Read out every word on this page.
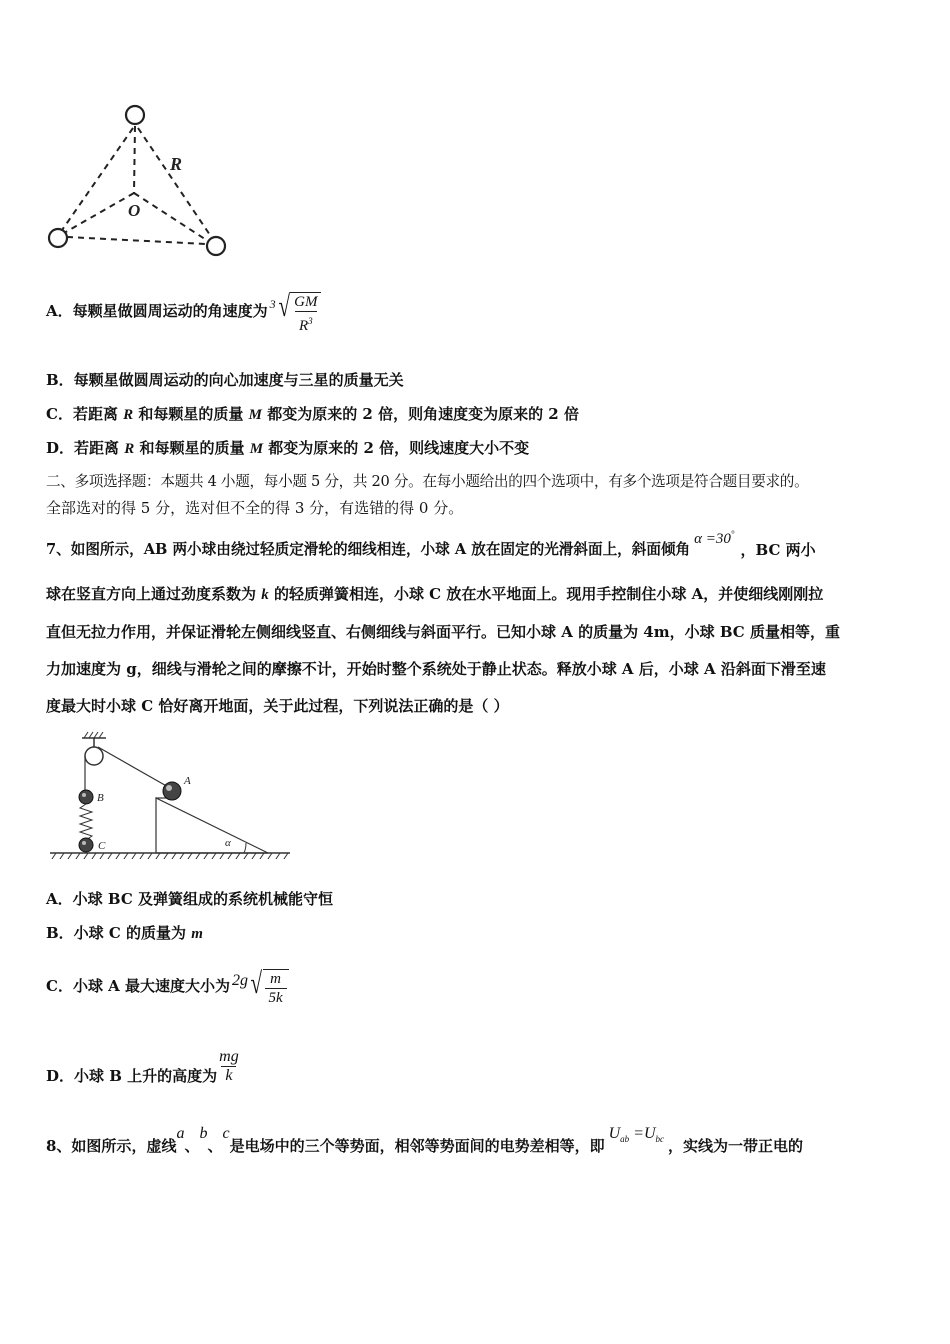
R
O
A．每颗星做圆周运动的角速度为 3 √ $\frac{GM}{R^3}$
B．每颗星做圆周运动的向心加速度与三星的质量无关
C．若距离 R 和每颗星的质量 M 都变为原来的 2 倍，则角速度变为原来的 2 倍
D．若距离 R 和每颗星的质量 M 都变为原来的 2 倍，则线速度大小不变
二、多项选择题：本题共 4 小题，每小题 5 分，共 20 分。在每小题给出的四个选项中，有多个选项是符合题目要求的。
全部选对的得 5 分，选对但不全的得 3 分，有选错的得 0 分。
7、如图所示，AB 两小球由绕过轻质定滑轮的细线相连，小球 A 放在固定的光滑斜面上，斜面倾角
α =30°
，BC 两小
球在竖直方向上通过劲度系数为 k 的轻质弹簧相连，小球 C 放在水平地面上。现用手控制住小球 A，并使细线刚刚拉
直但无拉力作用，并保证滑轮左侧细线竖直、右侧细线与斜面平行。已知小球 A 的质量为 4m，小球 BC 质量相等，重
力加速度为 g，细线与滑轮之间的摩擦不计，开始时整个系统处于静止状态。释放小球 A 后，小球 A 沿斜面下滑至速
度最大时小球 C 恰好离开地面，关于此过程，下列说法正确的是（ ）
B
C
A
α
A．小球 BC 及弹簧组成的系统机械能守恒
B．小球 C 的质量为 m
C．小球 A 最大速度大小为 2g √ $\frac{m}{5k}$
D．小球 B 上升的高度为 $\frac{mg}{k}$
8、如图所示，虚线
a
、
b
、
c
是电场中的三个等势面，相邻等势面间的电势差相等，即
$U_{ab} =U_{bc}$ ，实线为一带正电的
